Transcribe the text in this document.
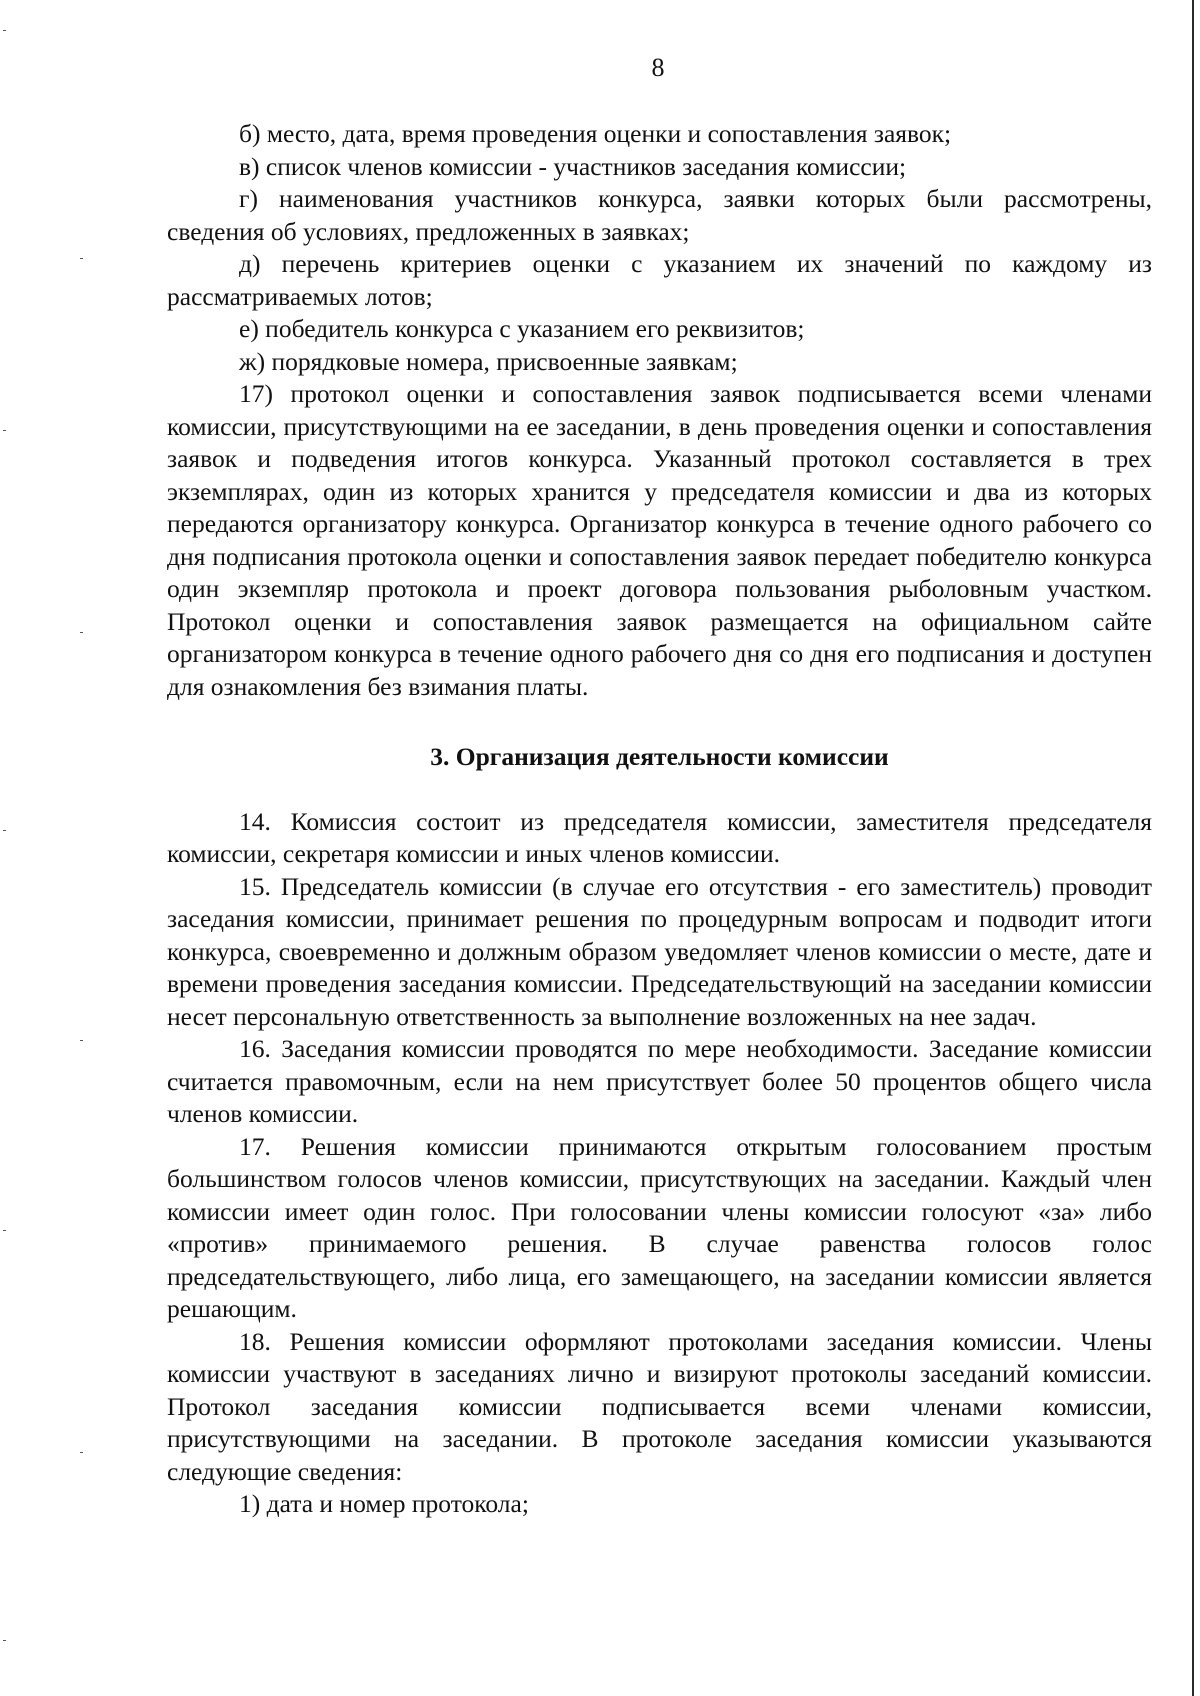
8

б) место, дата, время проведения оценки и сопоставления заявок;

в) список членов комиссии - участников заседания комиссии;

г) наименования участников конкурса, заявки которых были рассмотрены, сведения об условиях, предложенных в заявках;

д) перечень критериев оценки с указанием их значений по каждому из рассматриваемых лотов;

е) победитель конкурса с указанием его реквизитов;

ж) порядковые номера, присвоенные заявкам;

17) протокол оценки и сопоставления заявок подписывается всеми членами комиссии, присутствующими на ее заседании, в день проведения оценки и сопоставления заявок и подведения итогов конкурса. Указанный протокол составляется в трех экземплярах, один из которых хранится у председателя комиссии и два из которых передаются организатору конкурса. Организатор конкурса в течение одного рабочего со дня подписания протокола оценки и сопоставления заявок передает победителю конкурса один экземпляр протокола и проект договора пользования рыболовным участком. Протокол оценки и сопоставления заявок размещается на официальном сайте организатором конкурса в течение одного рабочего дня со дня его подписания и доступен для ознакомления без взимания платы.

3. Организация деятельности комиссии

14. Комиссия состоит из председателя комиссии, заместителя председателя комиссии, секретаря комиссии и иных членов комиссии.

15. Председатель комиссии (в случае его отсутствия - его заместитель) проводит заседания комиссии, принимает решения по процедурным вопросам и подводит итоги конкурса, своевременно и должным образом уведомляет членов комиссии о месте, дате и времени проведения заседания комиссии. Председательствующий на заседании комиссии несет персональную ответственность за выполнение возложенных на нее задач.

16. Заседания комиссии проводятся по мере необходимости. Заседание комиссии считается правомочным, если на нем присутствует более 50 процентов общего числа членов комиссии.

17. Решения комиссии принимаются открытым голосованием простым большинством голосов членов комиссии, присутствующих на заседании. Каждый член комиссии имеет один голос. При голосовании члены комиссии голосуют «за» либо «против» принимаемого решения. В случае равенства голосов голос председательствующего, либо лица, его замещающего, на заседании комиссии является решающим.

18. Решения комиссии оформляют протоколами заседания комиссии. Члены комиссии участвуют в заседаниях лично и визируют протоколы заседаний комиссии. Протокол заседания комиссии подписывается всеми членами комиссии, присутствующими на заседании. В протоколе заседания комиссии указываются следующие сведения:

1) дата и номер протокола;
